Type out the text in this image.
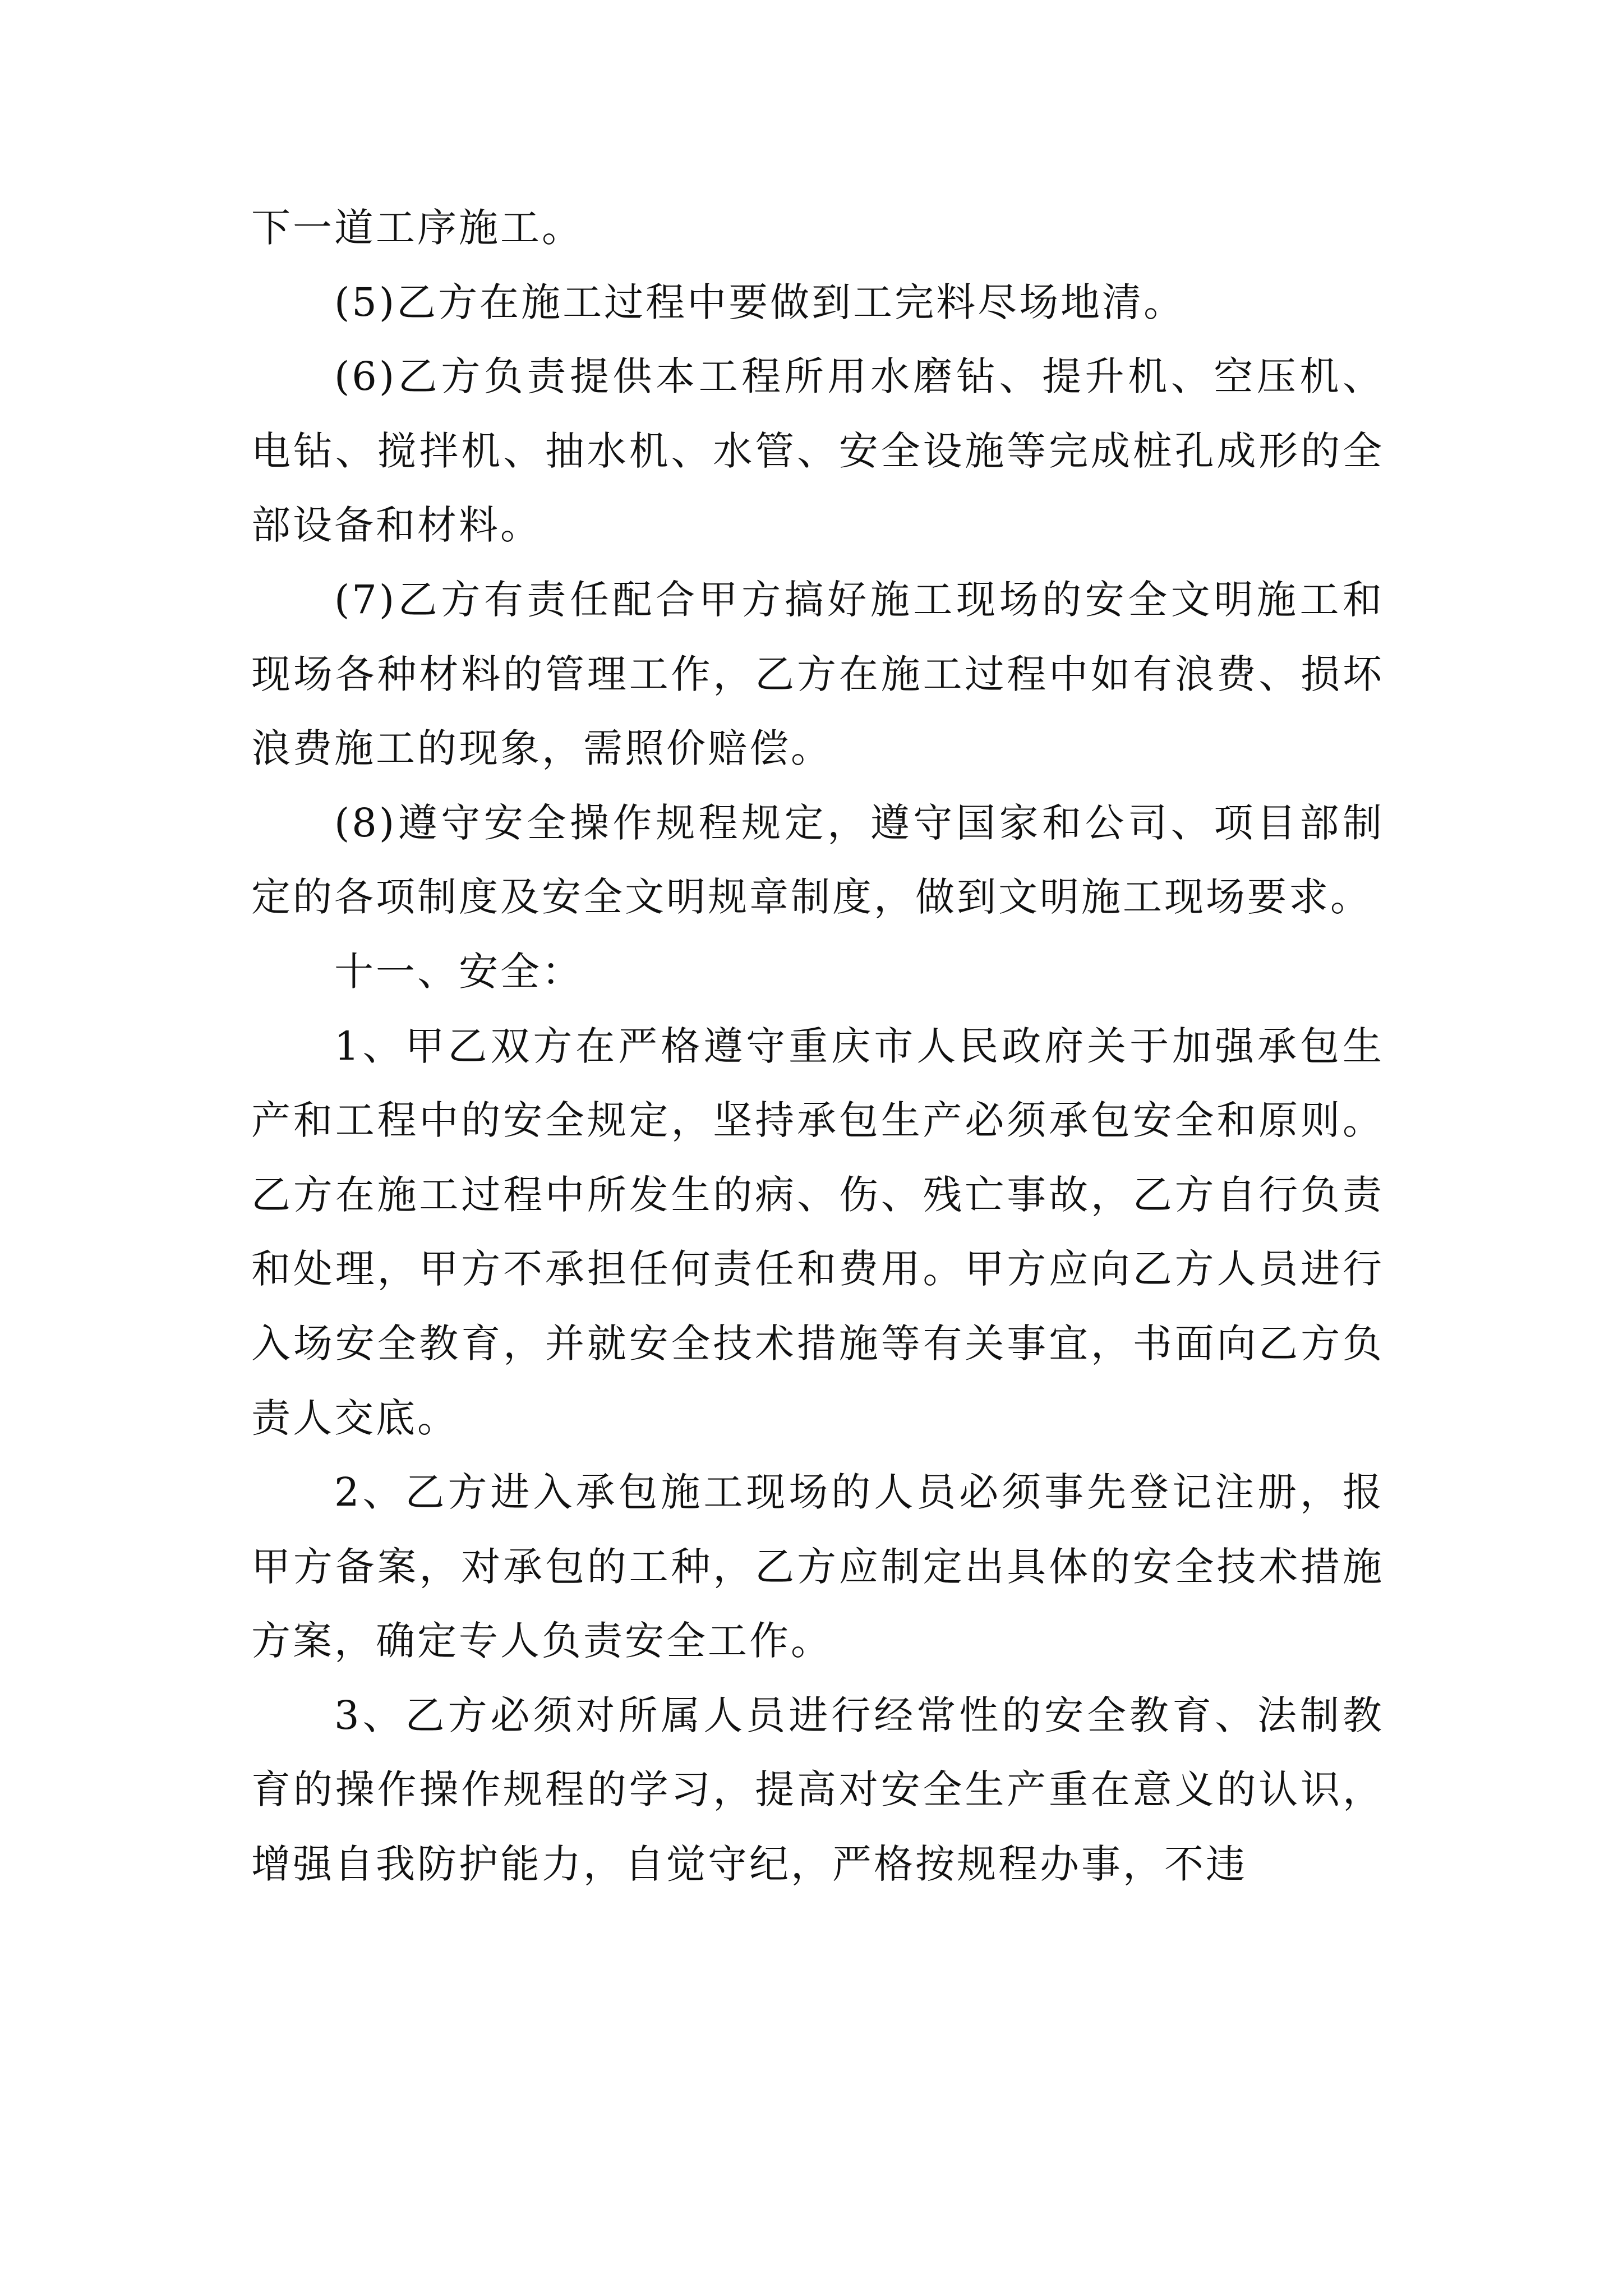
下一道工序施工。

(5)乙方在施工过程中要做到工完料尽场地清。

(6)乙方负责提供本工程所用水磨钻、提升机、空压机、电钻、搅拌机、抽水机、水管、安全设施等完成桩孔成形的全部设备和材料。

(7)乙方有责任配合甲方搞好施工现场的安全文明施工和现场各种材料的管理工作，乙方在施工过程中如有浪费、损坏浪费施工的现象，需照价赔偿。

(8)遵守安全操作规程规定，遵守国家和公司、项目部制定的各项制度及安全文明规章制度，做到文明施工现场要求。

十一、安全：

1、甲乙双方在严格遵守重庆市人民政府关于加强承包生产和工程中的安全规定，坚持承包生产必须承包安全和原则。乙方在施工过程中所发生的病、伤、残亡事故，乙方自行负责和处理，甲方不承担任何责任和费用。甲方应向乙方人员进行入场安全教育，并就安全技术措施等有关事宜，书面向乙方负责人交底。

2、乙方进入承包施工现场的人员必须事先登记注册，报甲方备案，对承包的工种，乙方应制定出具体的安全技术措施方案，确定专人负责安全工作。

3、乙方必须对所属人员进行经常性的安全教育、法制教育的操作操作规程的学习，提高对安全生产重在意义的认识，增强自我防护能力，自觉守纪，严格按规程办事，不违
